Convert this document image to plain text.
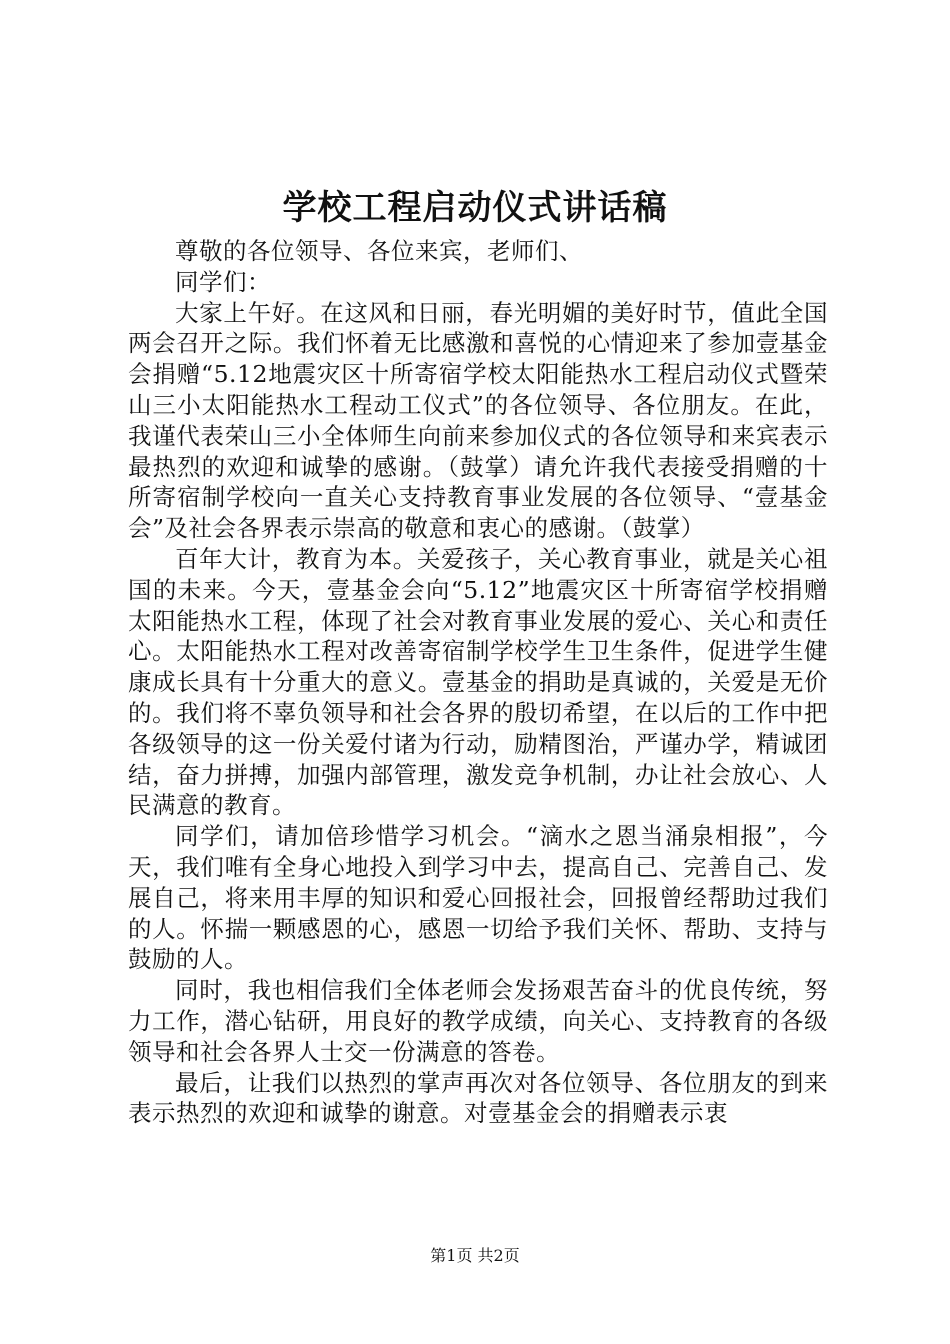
学校工程启动仪式讲话稿

尊敬的各位领导、各位来宾，老师们、

同学们：

大家上午好。在这风和日丽，春光明媚的美好时节，值此全国两会召开之际。我们怀着无比感激和喜悦的心情迎来了参加壹基金会捐赠“5.12地震灾区十所寄宿学校太阳能热水工程启动仪式暨荣山三小太阳能热水工程动工仪式”的各位领导、各位朋友。在此，我谨代表荣山三小全体师生向前来参加仪式的各位领导和来宾表示最热烈的欢迎和诚挚的感谢。（鼓掌）请允许我代表接受捐赠的十所寄宿制学校向一直关心支持教育事业发展的各位领导、“壹基金会”及社会各界表示崇高的敬意和衷心的感谢。（鼓掌）

百年大计，教育为本。关爱孩子，关心教育事业，就是关心祖国的未来。今天，壹基金会向“5.12”地震灾区十所寄宿学校捐赠太阳能热水工程，体现了社会对教育事业发展的爱心、关心和责任心。太阳能热水工程对改善寄宿制学校学生卫生条件，促进学生健康成长具有十分重大的意义。壹基金的捐助是真诚的，关爱是无价的。我们将不辜负领导和社会各界的殷切希望，在以后的工作中把各级领导的这一份关爱付诸为行动，励精图治，严谨办学，精诚团结，奋力拼搏，加强内部管理，激发竞争机制，办让社会放心、人民满意的教育。

同学们，请加倍珍惜学习机会。“滴水之恩当涌泉相报”，今天，我们唯有全身心地投入到学习中去，提高自己、完善自己、发展自己，将来用丰厚的知识和爱心回报社会，回报曾经帮助过我们的人。怀揣一颗感恩的心，感恩一切给予我们关怀、帮助、支持与鼓励的人。

同时，我也相信我们全体老师会发扬艰苦奋斗的优良传统，努力工作，潜心钻研，用良好的教学成绩，向关心、支持教育的各级领导和社会各界人士交一份满意的答卷。

最后，让我们以热烈的掌声再次对各位领导、各位朋友的到来表示热烈的欢迎和诚挚的谢意。对壹基金会的捐赠表示衷

第1页 共2页
